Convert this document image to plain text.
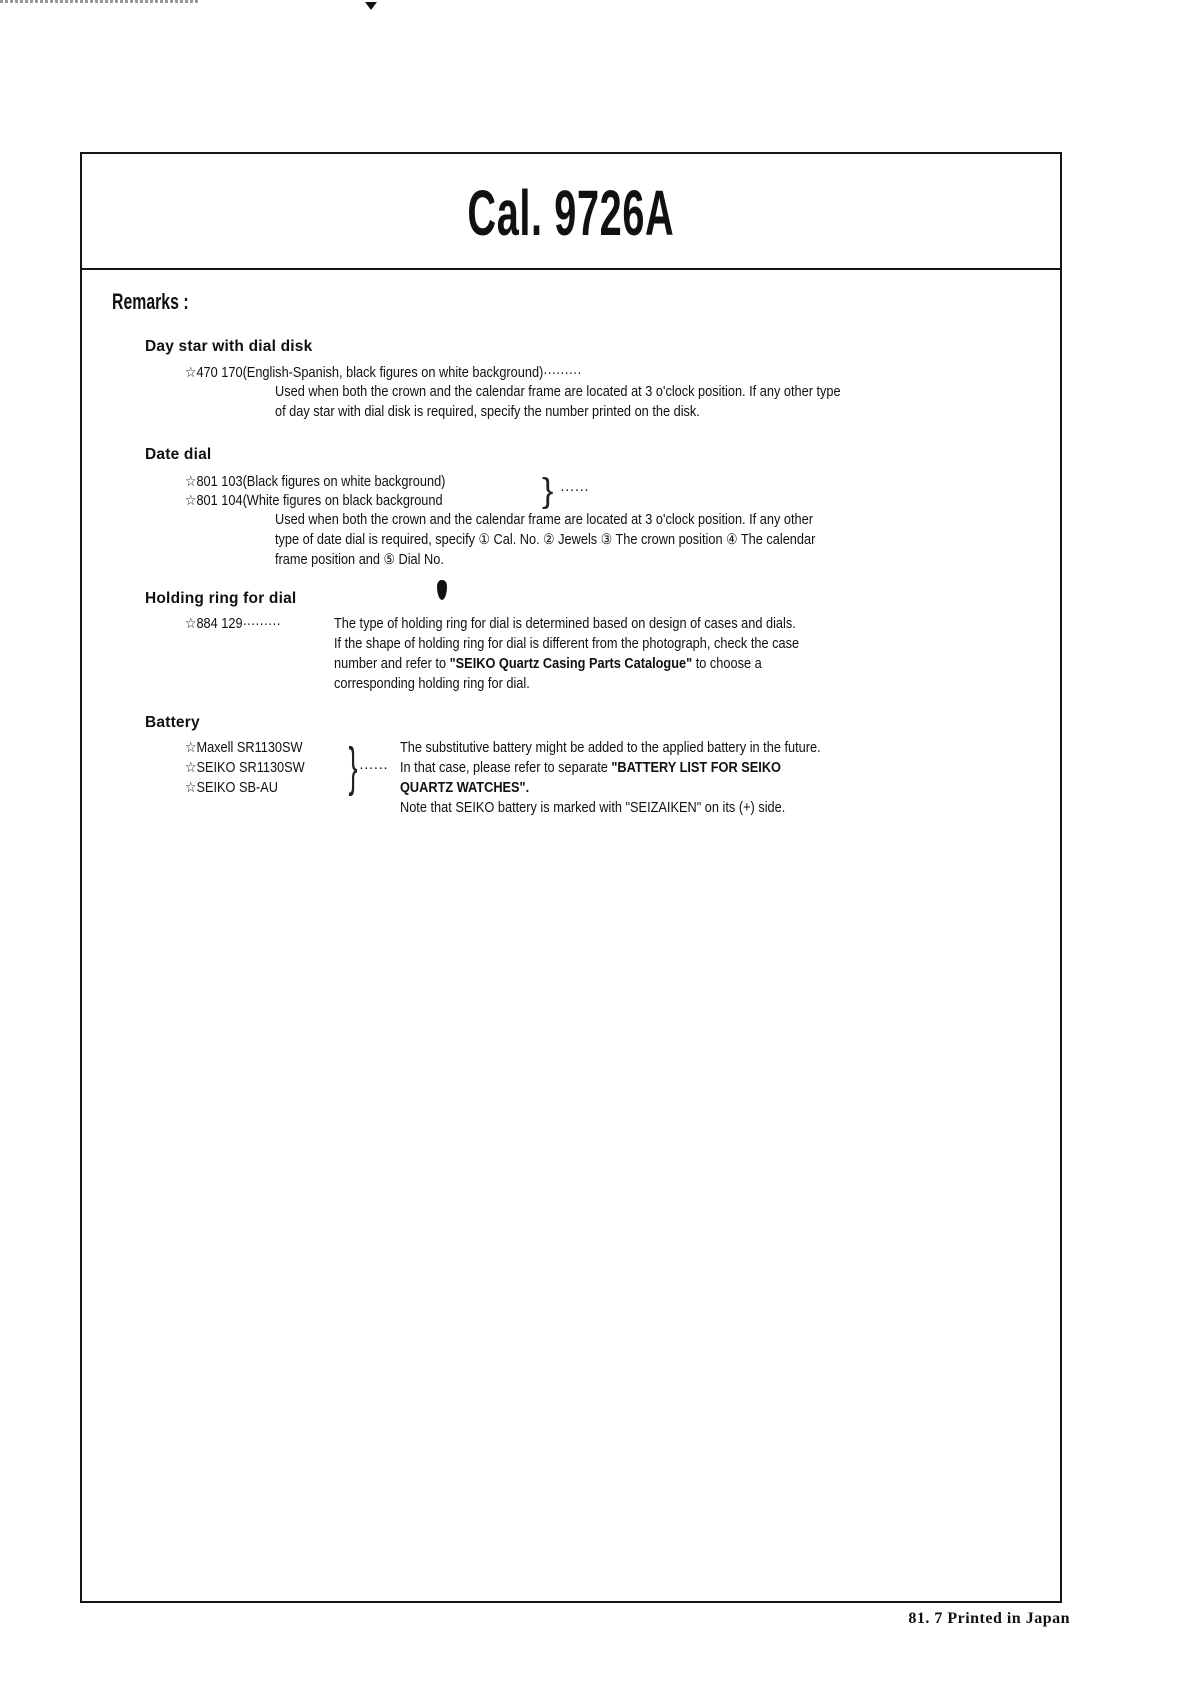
Cal. 9726A
Remarks :
Day star with dial disk
☆470 170(English-Spanish, black figures on white background)·········
Used when both the crown and the calendar frame are located at 3 o'clock position. If any other type
of day star with dial disk is required, specify the number printed on the disk.
Date dial
☆801 103(Black figures on white background)
☆801 104(White figures on black background	} ······
Used when both the crown and the calendar frame are located at 3 o'clock position. If any other
type of date dial is required, specify ① Cal. No. ② Jewels ③ The crown position ④ The calendar
frame position and ⑤ Dial No.
Holding ring for dial
☆884 129·········	The type of holding ring for dial is determined based on design of cases and dials.
If the shape of holding ring for dial is different from the photograph, check the case
number and refer to "SEIKO Quartz Casing Parts Catalogue" to choose a
corresponding holding ring for dial.
Battery
☆Maxell SR1130SW
☆SEIKO SR1130SW
☆SEIKO SB-AU } ······
The substitutive battery might be added to the applied battery in the future.
In that case, please refer to separate "BATTERY LIST FOR SEIKO
QUARTZ WATCHES".
Note that SEIKO battery is marked with "SEIZAIKEN" on its (+) side.
81. 7 Printed in Japan
